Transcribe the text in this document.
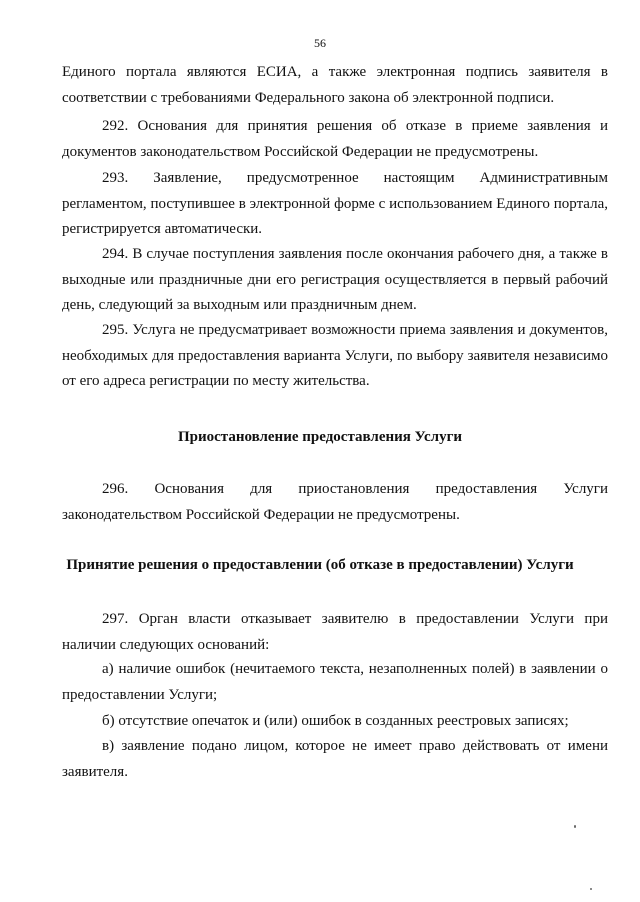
56
Единого портала являются ЕСИА, а также электронная подпись заявителя в соответствии с требованиями Федерального закона об электронной подписи.
292. Основания для принятия решения об отказе в приеме заявления и документов законодательством Российской Федерации не предусмотрены.
293. Заявление, предусмотренное настоящим Административным регламентом, поступившее в электронной форме с использованием Единого портала, регистрируется автоматически.
294. В случае поступления заявления после окончания рабочего дня, а также в выходные или праздничные дни его регистрация осуществляется в первый рабочий день, следующий за выходным или праздничным днем.
295. Услуга не предусматривает возможности приема заявления и документов, необходимых для предоставления варианта Услуги, по выбору заявителя независимо от его адреса регистрации по месту жительства.
Приостановление предоставления Услуги
296. Основания для приостановления предоставления Услуги законодательством Российской Федерации не предусмотрены.
Принятие решения о предоставлении (об отказе в предоставлении) Услуги
297. Орган власти отказывает заявителю в предоставлении Услуги при наличии следующих оснований:
а) наличие ошибок (нечитаемого текста, незаполненных полей) в заявлении о предоставлении Услуги;
б) отсутствие опечаток и (или) ошибок в созданных реестровых записях;
в) заявление подано лицом, которое не имеет право действовать от имени заявителя.
